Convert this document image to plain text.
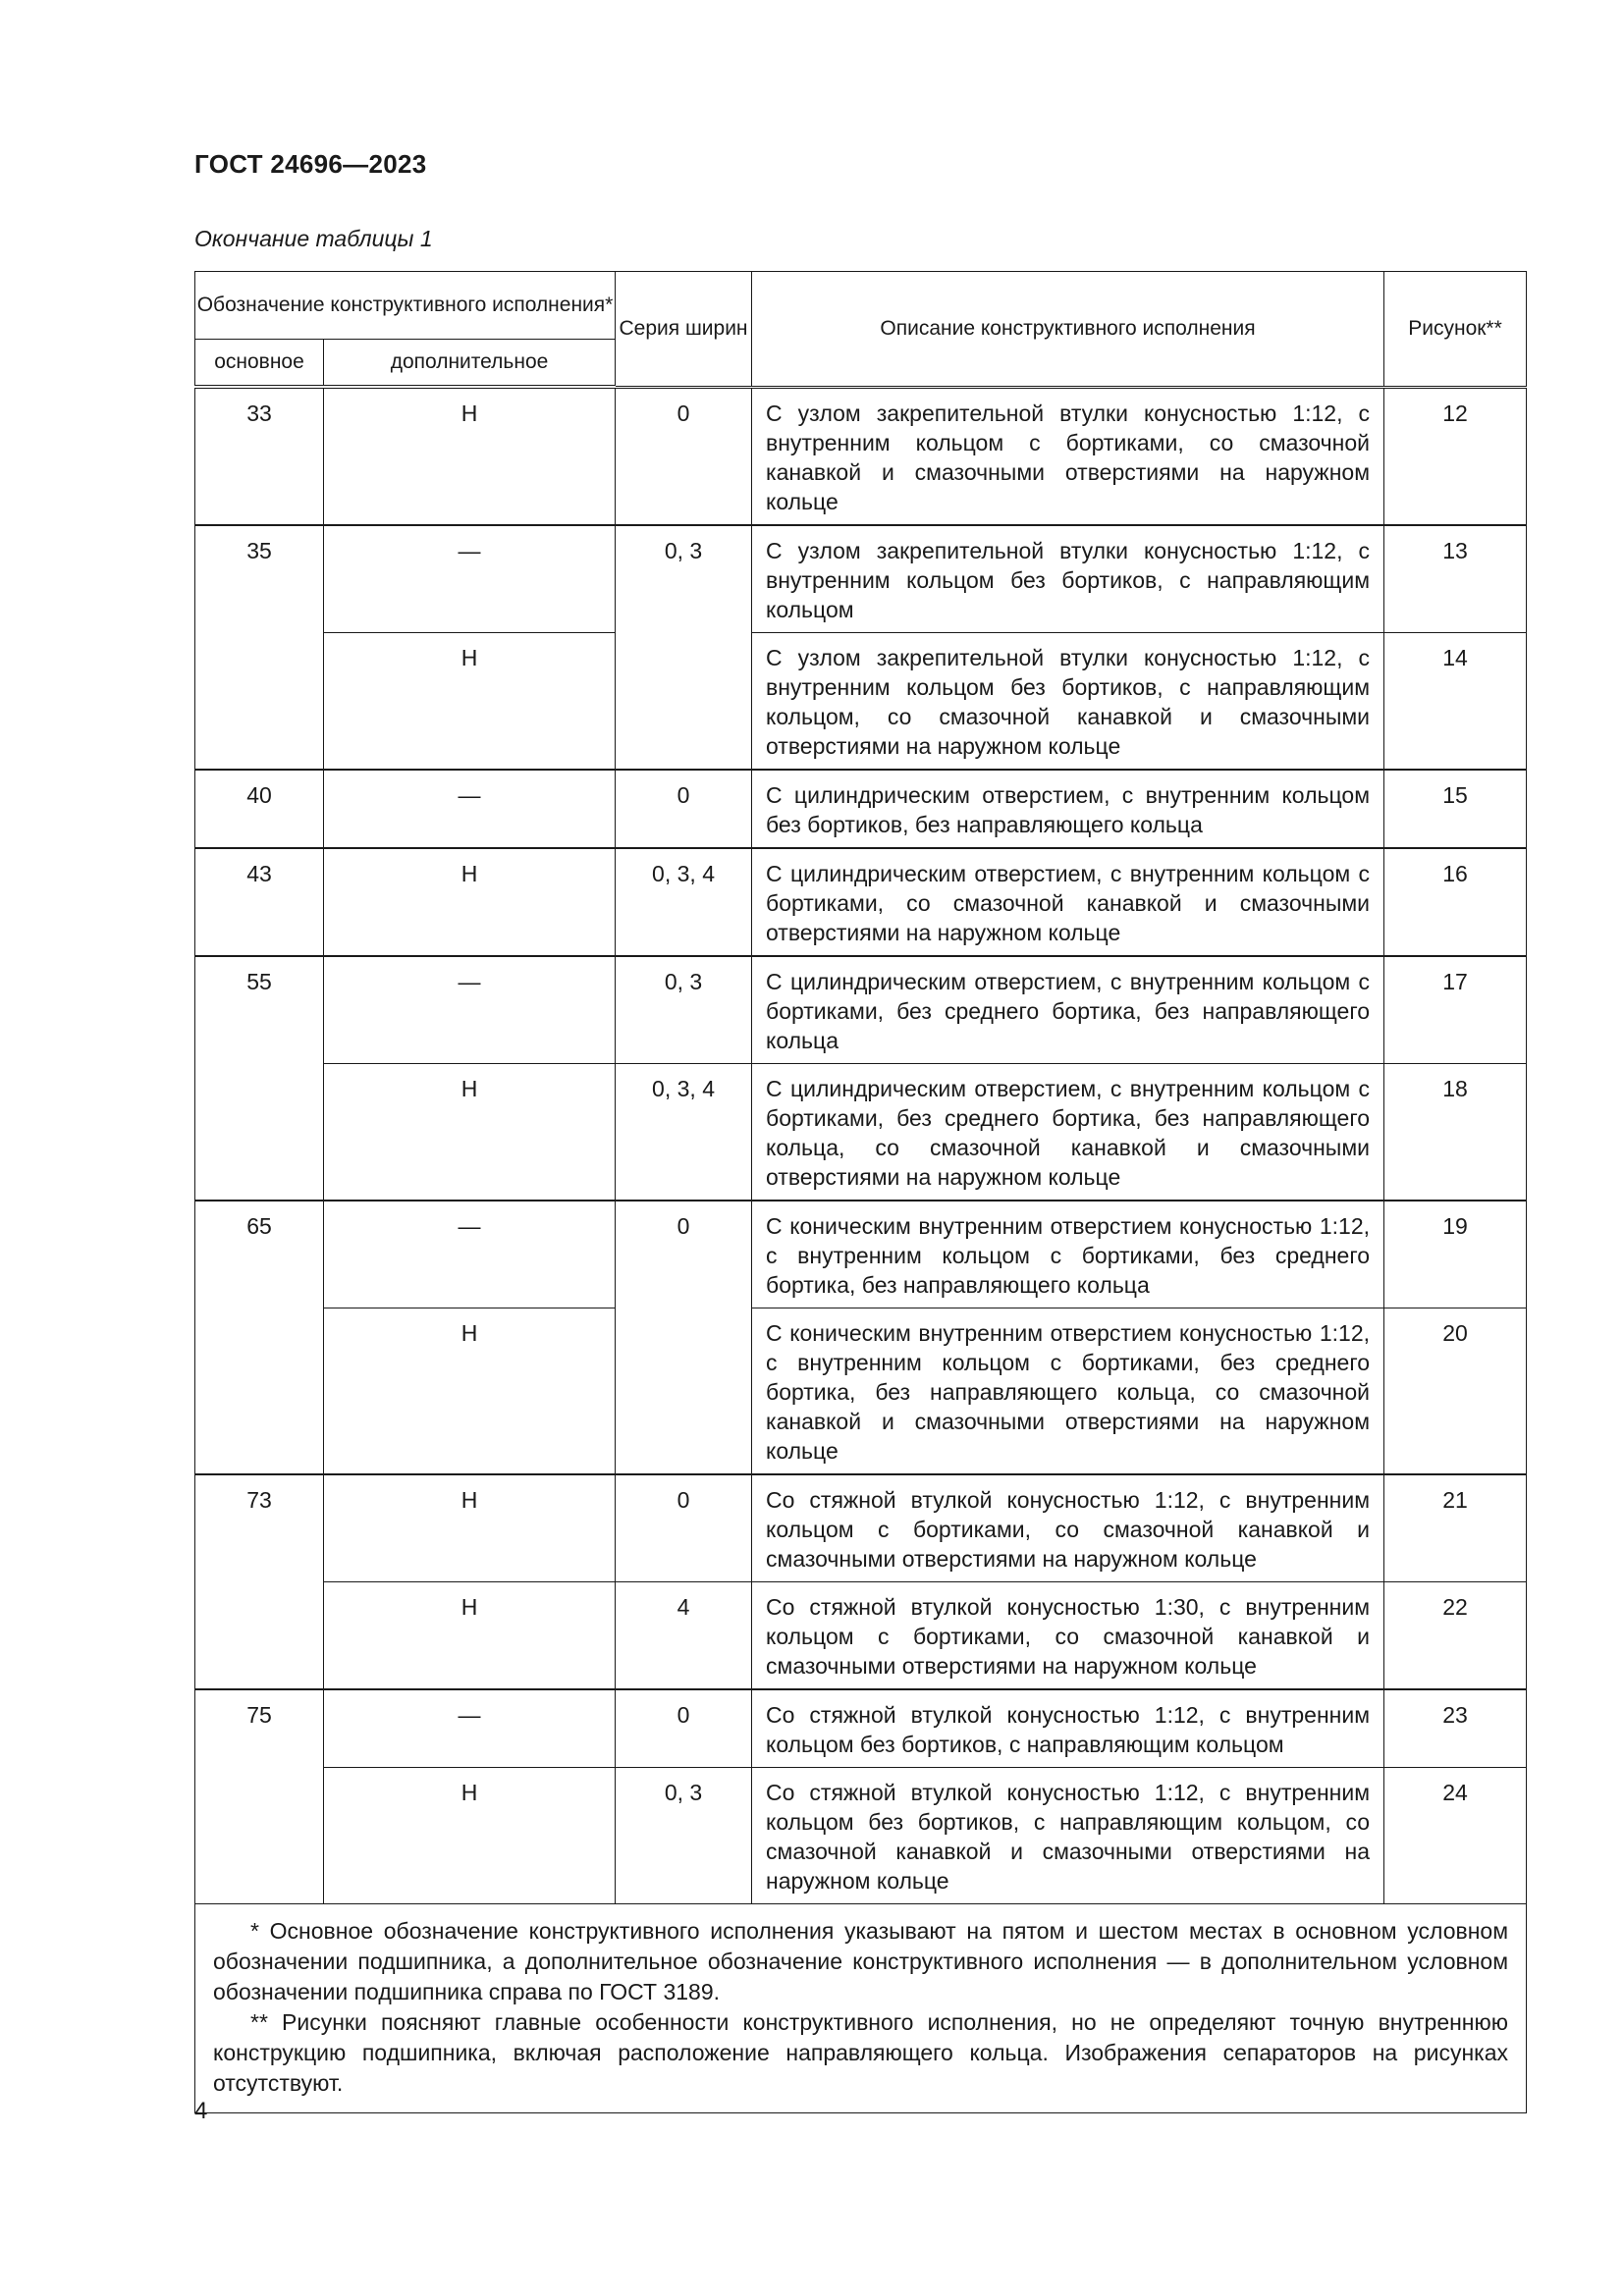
ГОСТ 24696—2023
Окончание таблицы 1
Обозначение конструктивного исполнения*		Серия ширин	Описание конструктивного исполнения	Рисунок**
основное	дополнительное			
33	Н	0	С узлом закрепительной втулки конусностью 1:12, с внутренним кольцом с бортиками, со смазочной канавкой и смазочными отверстиями на наружном кольце	12
35	—	0, 3	С узлом закрепительной втулки конусностью 1:12, с внутренним кольцом без бортиков, с направляющим кольцом	13
	Н		С узлом закрепительной втулки конусностью 1:12, с внутренним кольцом без бортиков, с направляющим кольцом, со смазочной канавкой и смазочными отверстиями на наружном кольце	14
40	—	0	С цилиндрическим отверстием, с внутренним кольцом без бортиков, без направляющего кольца	15
43	Н	0, 3, 4	С цилиндрическим отверстием, с внутренним кольцом с бортиками, со смазочной канавкой и смазочными отверстиями на наружном кольце	16
55	—	0, 3	С цилиндрическим отверстием, с внутренним кольцом с бортиками, без среднего бортика, без направляющего кольца	17
	Н	0, 3, 4	С цилиндрическим отверстием, с внутренним кольцом с бортиками, без среднего бортика, без направляющего кольца, со смазочной канавкой и смазочными отверстиями на наружном кольце	18
65	—	0	С коническим внутренним отверстием конусностью 1:12, с внутренним кольцом с бортиками, без среднего бортика, без направляющего кольца	19
	Н		С коническим внутренним отверстием конусностью 1:12, с внутренним кольцом с бортиками, без среднего бортика, без направляющего кольца, со смазочной канавкой и смазочными отверстиями на наружном кольце	20
73	Н	0	Со стяжной втулкой конусностью 1:12, с внутренним кольцом с бортиками, со смазочной канавкой и смазочными отверстиями на наружном кольце	21
	Н	4	Со стяжной втулкой конусностью 1:30, с внутренним кольцом с бортиками, со смазочной канавкой и смазочными отверстиями на наружном кольце	22
75	—	0	Со стяжной втулкой конусностью 1:12, с внутренним кольцом без бортиков, с направляющим кольцом	23
	Н	0, 3	Со стяжной втулкой конусностью 1:12, с внутренним кольцом без бортиков, с направляющим кольцом, со смазочной канавкой и смазочными отверстиями на наружном кольце	24

* Основное обозначение конструктивного исполнения указывают на пятом и шестом местах в основном условном обозначении подшипника, а дополнительное обозначение конструктивного исполнения — в дополнительном условном обозначении подшипника справа по ГОСТ 3189.

** Рисунки поясняют главные особенности конструктивного исполнения, но не определяют точную внутреннюю конструкцию подшипника, включая расположение направляющего кольца. Изображения сепараторов на рисунках отсутствуют.				

4
